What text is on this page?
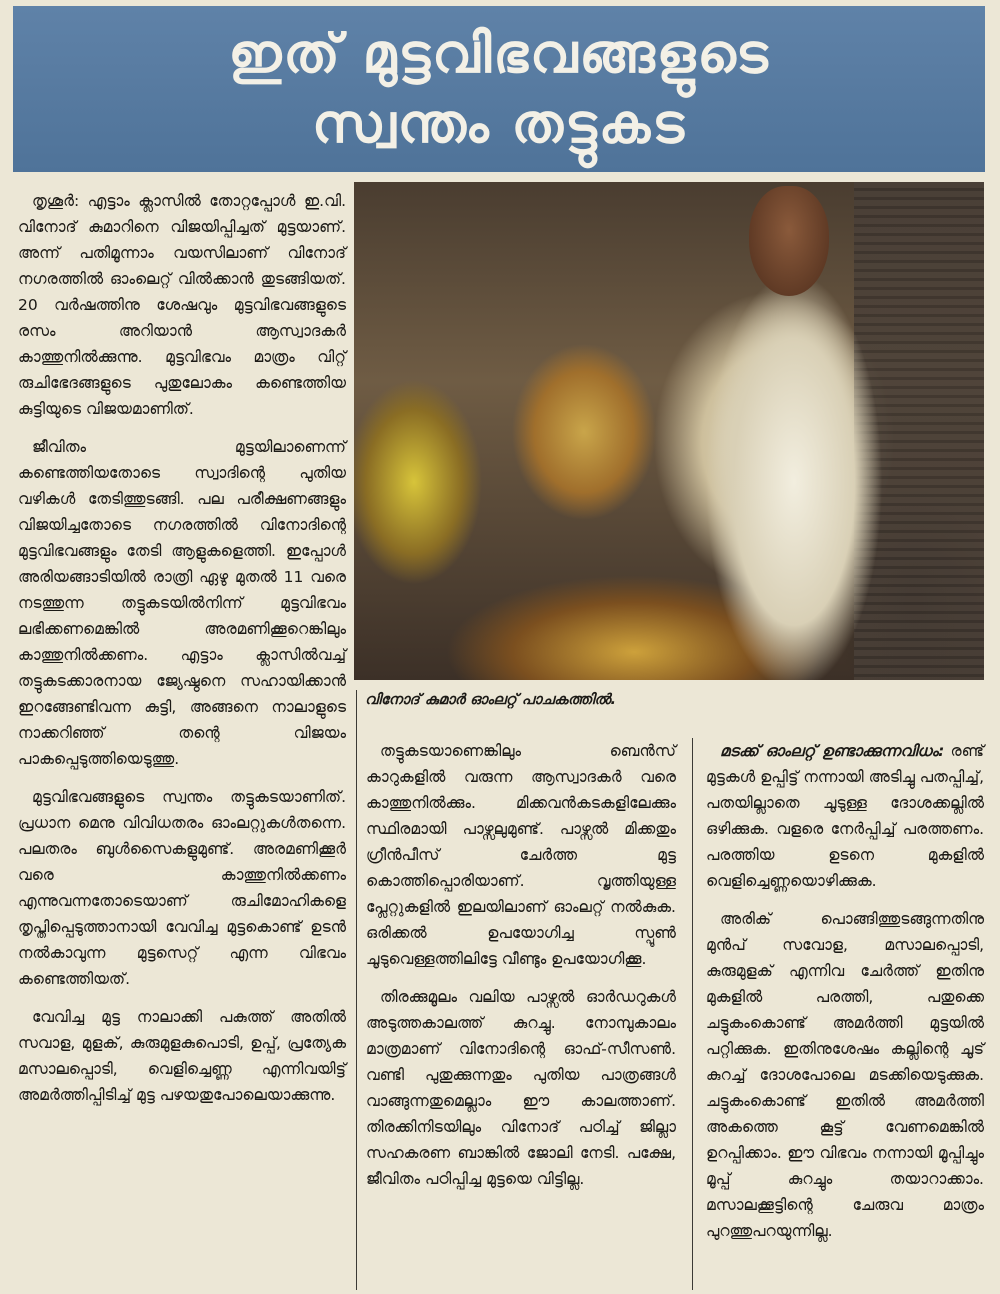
ഇത് മുട്ടവിഭവങ്ങളുടെ
സ്വന്തം തട്ടുകട

തൃശൂർ: എട്ടാം ക്ലാസിൽ തോറ്റപ്പോൾ ഇ.വി. വിനോദ് കുമാറിനെ വിജയിപ്പിച്ചത് മുട്ടയാണ്. അന്ന് പതിമൂന്നാം വയസിലാണ് വിനോദ് നഗരത്തിൽ ഓംലെറ്റ് വിൽക്കാൻ തുടങ്ങിയത്. 20 വർഷത്തിനു ശേഷവും മുട്ടവിഭവങ്ങളുടെ രസം അറിയാൻ ആസ്വാദകർ കാത്തുനിൽക്കുന്നു. മുട്ടവിഭവം മാത്രം വിറ്റ് രുചിഭേദങ്ങളുടെ പുതുലോകം കണ്ടെത്തിയ കുട്ടിയുടെ വിജയമാണിത്.

ജീവിതം മുട്ടയിലാണെന്ന് കണ്ടെത്തിയതോടെ സ്വാദിന്റെ പുതിയ വഴികൾ തേടിത്തുടങ്ങി. പല പരീക്ഷണങ്ങളും വിജയിച്ചതോടെ നഗരത്തിൽ വിനോദിന്റെ മുട്ടവിഭവങ്ങളും തേടി ആളുകളെത്തി. ഇപ്പോൾ അരിയങ്ങാടിയിൽ രാത്രി ഏഴു മുതൽ 11 വരെ നടത്തുന്ന തട്ടുകടയിൽനിന്ന് മുട്ടവിഭവം ലഭിക്കണമെങ്കിൽ അരമണിക്കൂറെങ്കിലും കാത്തുനിൽക്കണം. എട്ടാം ക്ലാസിൽവച്ച് തട്ടുകടക്കാരനായ ജ്യേഷ്ഠനെ സഹായിക്കാൻ ഇറങ്ങേണ്ടിവന്ന കുട്ടി, അങ്ങനെ നാലാളുടെ നാക്കറിഞ്ഞ് തന്റെ വിജയം പാകപ്പെടുത്തിയെടുത്തു.

മുട്ടവിഭവങ്ങളുടെ സ്വന്തം തട്ടുകടയാണിത്. പ്രധാന മെനു വിവിധതരം ഓംലറ്റുകൾതന്നെ. പലതരം ബുൾസൈകളുമുണ്ട്. അരമണിക്കൂർ വരെ കാത്തുനിൽക്കണം എന്നുവന്നതോടെയാണ് രുചിമോഹികളെ തൃപ്തിപ്പെടുത്താനായി വേവിച്ച മുട്ടകൊണ്ട് ഉടൻ നൽകാവുന്ന മുട്ടസെറ്റ് എന്ന വിഭവം കണ്ടെത്തിയത്.

വേവിച്ച മുട്ട നാലാക്കി പകുത്ത് അതിൽ സവാള, മുളക്, കുരുമുളകുപൊടി, ഉപ്പ്, പ്രത്യേക മസാലപ്പൊടി, വെളിച്ചെണ്ണ എന്നിവയിട്ട് അമർത്തിപ്പിടിച്ച് മുട്ട പഴയതുപോലെയാക്കുന്നു.

വിനോദ് കുമാർ ഓംലറ്റ് പാചകത്തിൽ.

തട്ടുകടയാണെങ്കിലും ബെൻസ് കാറുകളിൽ വരുന്ന ആസ്വാദകർ വരെ കാത്തുനിൽക്കും. മിക്കവൻകടകളിലേക്കും സ്ഥിരമായി പാഴ്സലുമുണ്ട്. പാഴ്സൽ മിക്കതും ഗ്രീൻപീസ് ചേർത്ത മുട്ട കൊത്തിപ്പൊരിയാണ്. വൃത്തിയുള്ള പ്ലേറ്റുകളിൽ ഇലയിലാണ് ഓംലറ്റ് നൽകുക. ഒരിക്കൽ ഉപയോഗിച്ച സ്പൂൺ ചൂടുവെള്ളത്തിലിട്ടേ വീണ്ടും ഉപയോഗിക്കൂ.

തിരക്കുമൂലം വലിയ പാഴ്സൽ ഓർഡറുകൾ അടുത്തകാലത്ത് കുറച്ചു. നോമ്പുകാലം മാത്രമാണ് വിനോദിന്റെ ഓഫ്-സീസൺ. വണ്ടി പുതുക്കുന്നതും പുതിയ പാത്രങ്ങൾ വാങ്ങുന്നതുമെല്ലാം ഈ കാലത്താണ്. തിരക്കിനിടയിലും വിനോദ് പഠിച്ച് ജില്ലാ സഹകരണ ബാങ്കിൽ ജോലി നേടി. പക്ഷേ, ജീവിതം പഠിപ്പിച്ച മുട്ടയെ വിട്ടില്ല.

മടക്ക് ഓംലറ്റ് ഉണ്ടാക്കുന്നവിധം: രണ്ട് മുട്ടകൾ ഉപ്പിട്ട് നന്നായി അടിച്ചു പതപ്പിച്ച്, പതയില്ലാതെ ചൂടുള്ള ദോശക്കല്ലിൽ ഒഴിക്കുക. വളരെ നേർപ്പിച്ച് പരത്തണം. പരത്തിയ ഉടനെ മുകളിൽ വെളിച്ചെണ്ണയൊഴിക്കുക.

അരിക് പൊങ്ങിത്തുടങ്ങുന്നതിനു മുൻപ് സവോള, മസാലപ്പൊടി, കുരുമുളക് എന്നിവ ചേർത്ത് ഇതിനു മുകളിൽ പരത്തി, പതുക്കെ ചട്ടുകംകൊണ്ട് അമർത്തി മുട്ടയിൽ പറ്റിക്കുക. ഇതിനുശേഷം കല്ലിന്റെ ചൂട് കുറച്ച് ദോശപോലെ മടക്കിയെടുക്കുക. ചട്ടുകംകൊണ്ട് ഇതിൽ അമർത്തി അകത്തെ കൂട്ട് വേണമെങ്കിൽ ഉറപ്പിക്കാം. ഈ വിഭവം നന്നായി മൂപ്പിച്ചും മൂപ്പ് കുറച്ചും തയാറാക്കാം. മസാലക്കൂട്ടിന്റെ ചേരുവ മാത്രം പുറത്തുപറയുന്നില്ല.
